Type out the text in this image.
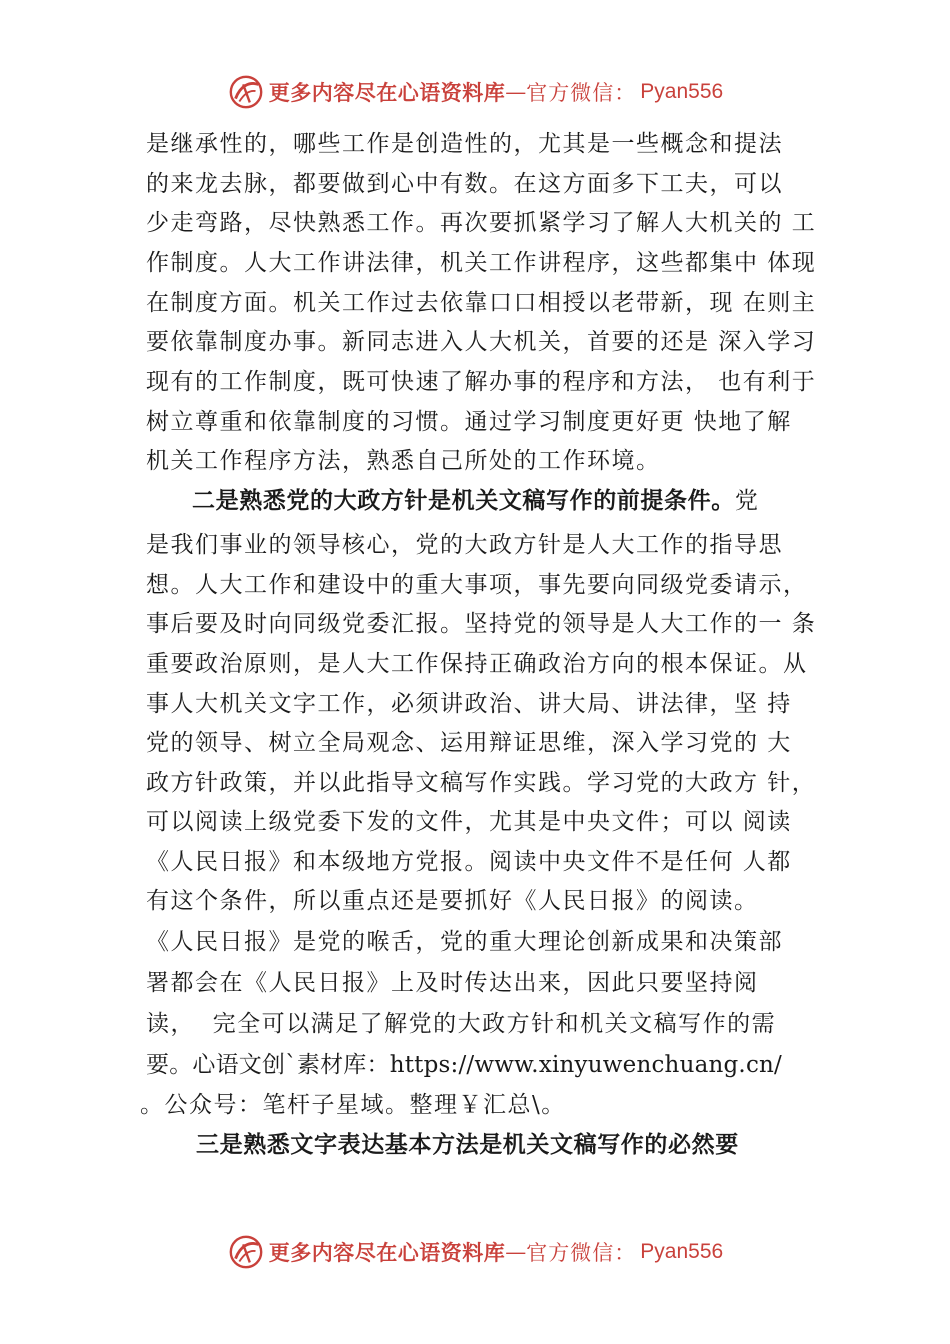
更多内容尽在心语资料库 — 官方微信： Pyan556
是继承性的，哪些工作是创造性的，尤其是一些概念和提法
的来龙去脉，都要做到心中有数。在这方面多下工夫，可以
少走弯路，尽快熟悉工作。再次要抓紧学习了解人大机关的 工
作制度。人大工作讲法律，机关工作讲程序，这些都集中 体现
在制度方面。机关工作过去依靠口口相授以老带新，现 在则主
要依靠制度办事。新同志进入人大机关，首要的还是 深入学习
现有的工作制度，既可快速了解办事的程序和方法， 也有利于
树立尊重和依靠制度的习惯。通过学习制度更好更 快地了解
机关工作程序方法，熟悉自己所处的工作环境。
二是熟悉党的大政方针是机关文稿写作的前提条件。党
是我们事业的领导核心，党的大政方针是人大工作的指导思
想。人大工作和建设中的重大事项，事先要向同级党委请示，
事后要及时向同级党委汇报。坚持党的领导是人大工作的一 条
重要政治原则，是人大工作保持正确政治方向的根本保证。从
事人大机关文字工作，必须讲政治、讲大局、讲法律，坚 持
党的领导、树立全局观念、运用辩证思维，深入学习党的 大
政方针政策，并以此指导文稿写作实践。学习党的大政方 针，
可以阅读上级党委下发的文件，尤其是中央文件；可以 阅读
《人民日报》和本级地方党报。阅读中央文件不是任何 人都
有这个条件，所以重点还是要抓好《人民日报》的阅读。
《人民日报》是党的喉舌，党的重大理论创新成果和决策部
署都会在《人民日报》上及时传达出来，因此只要坚持阅
读，  完全可以满足了解党的大政方针和机关文稿写作的需
要。心语文创`素材库：https://www.xinyuwenchuang.cn/
。公众号：笔杆子星域。整理￥汇总\。
三是熟悉文字表达基本方法是机关文稿写作的必然要
更多内容尽在心语资料库 — 官方微信： Pyan556
